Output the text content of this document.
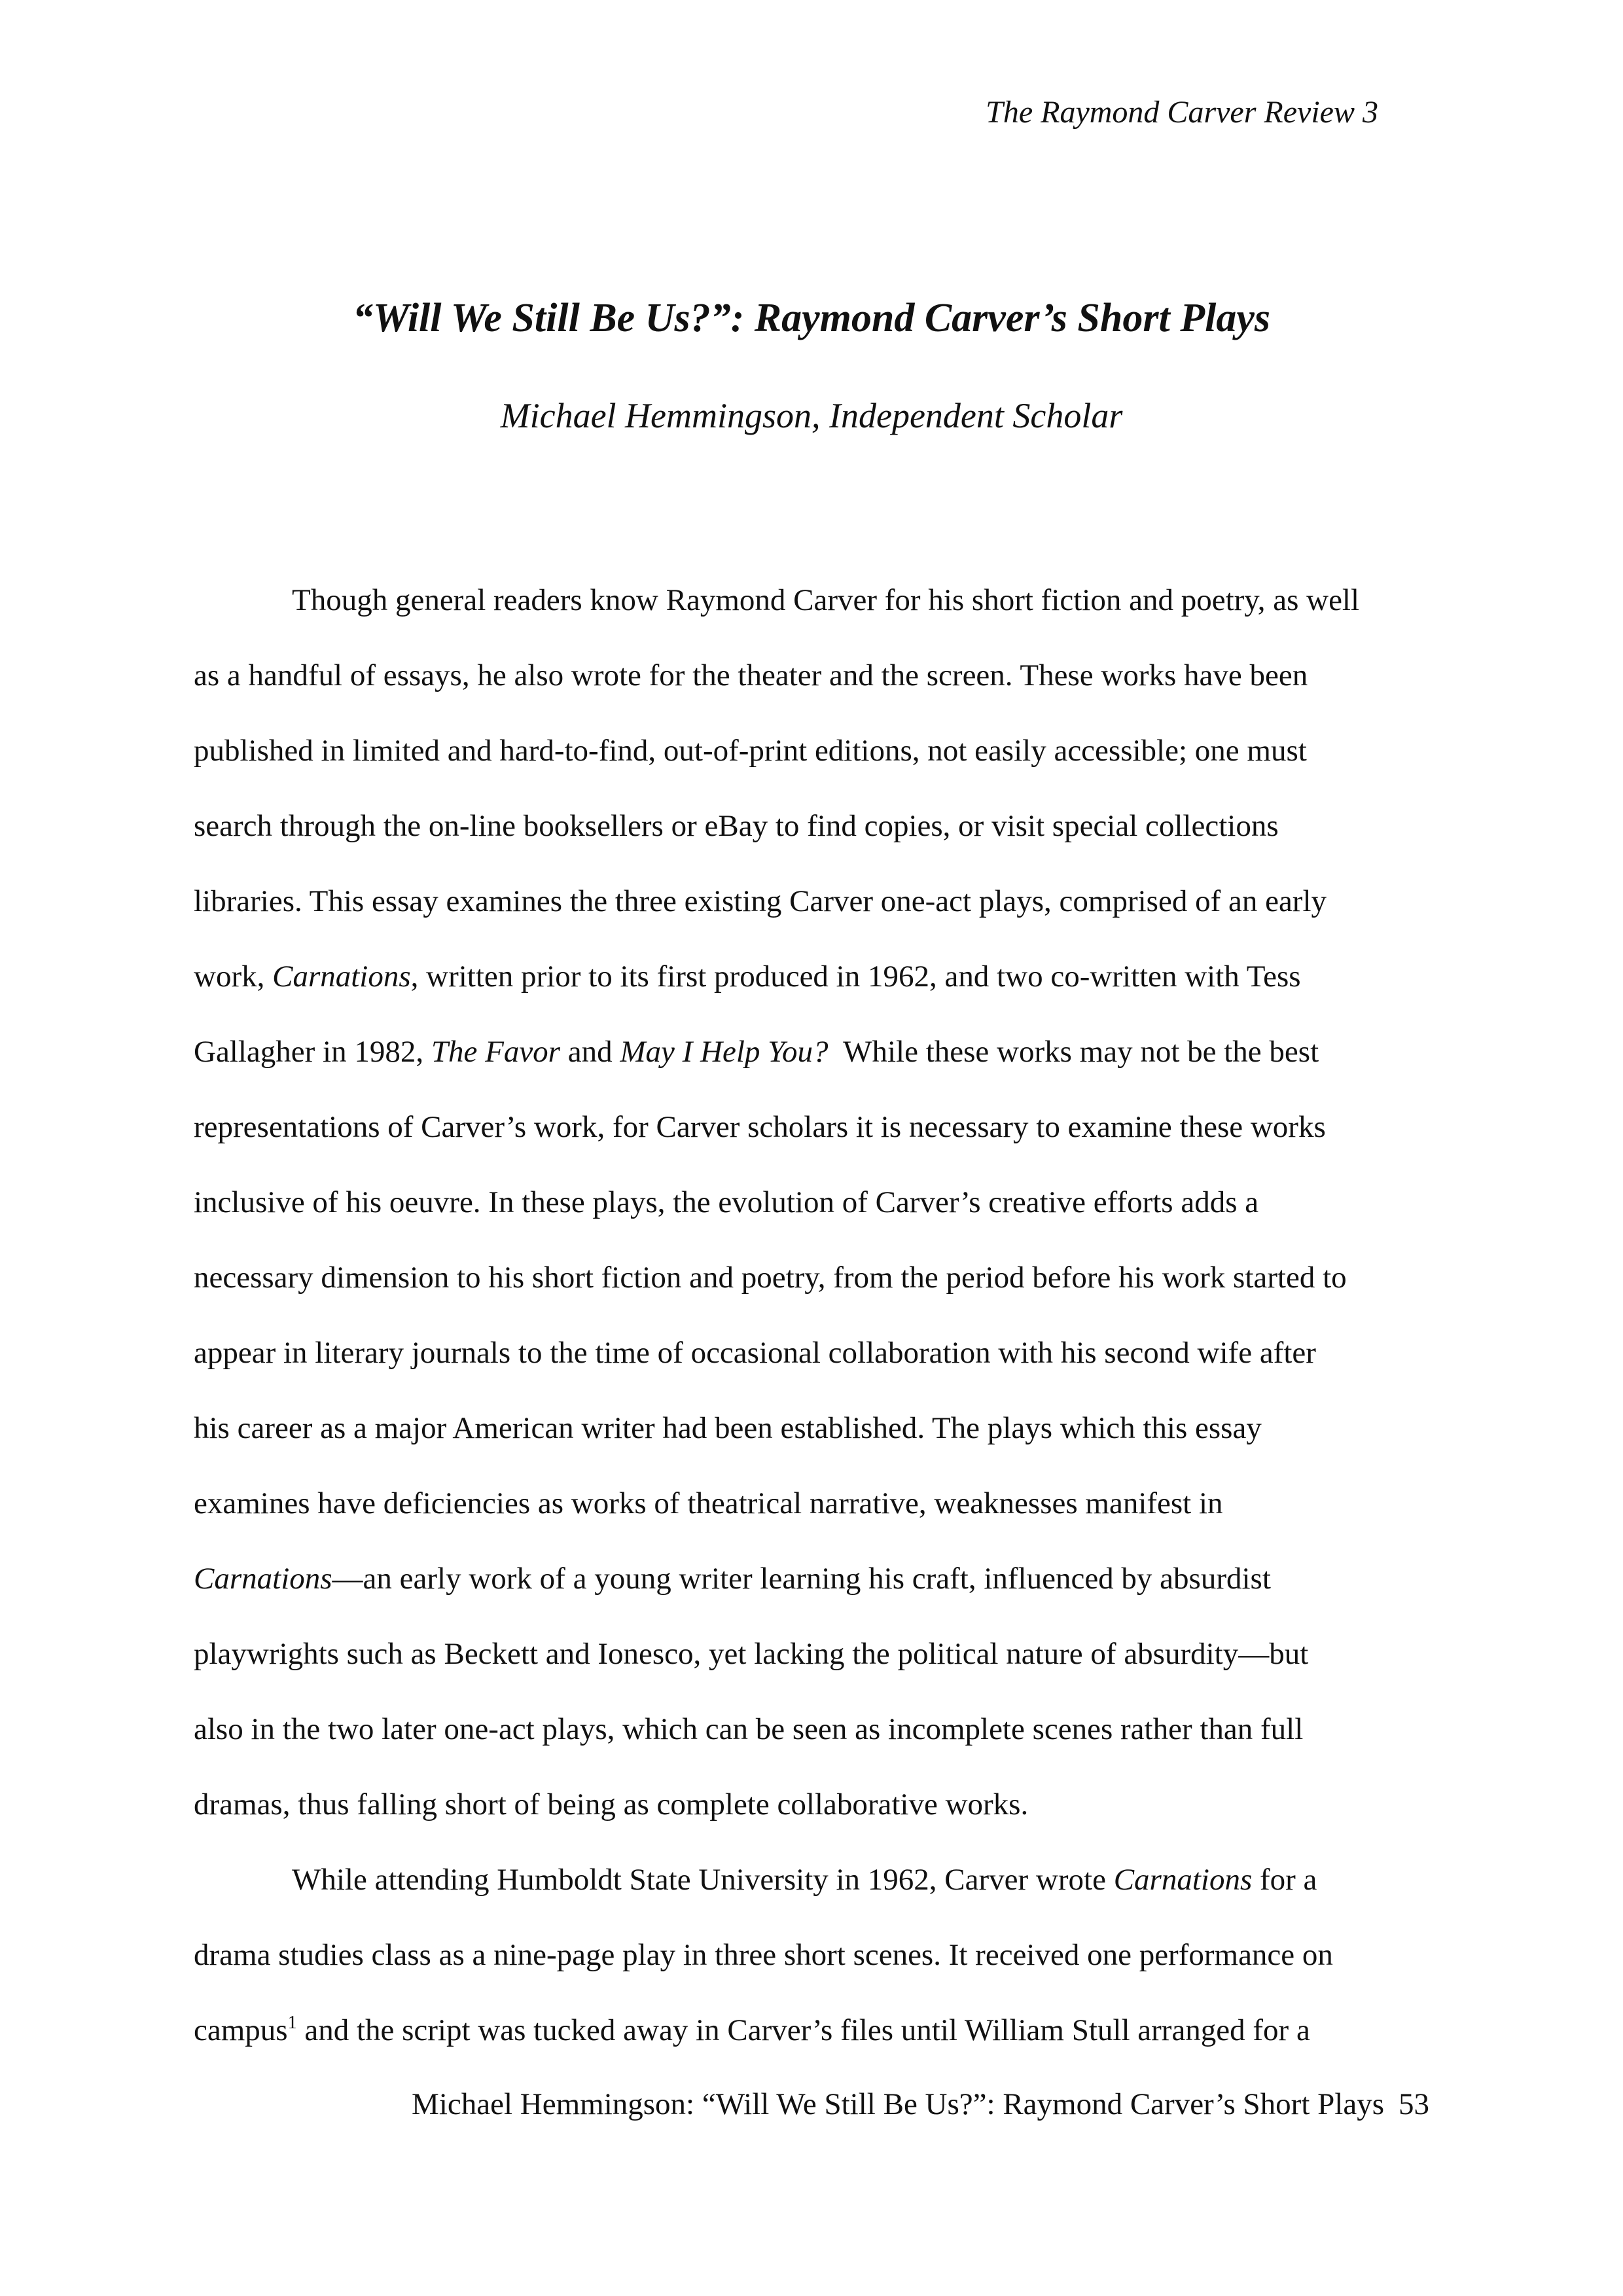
The Raymond Carver Review 3
“Will We Still Be Us?”: Raymond Carver’s Short Plays
Michael Hemmingson, Independent Scholar

Though general readers know Raymond Carver for his short fiction and poetry, as well
as a handful of essays, he also wrote for the theater and the screen. These works have been
published in limited and hard-to-find, out-of-print editions, not easily accessible; one must
search through the on-line booksellers or eBay to find copies, or visit special collections
libraries. This essay examines the three existing Carver one-act plays, comprised of an early
work, Carnations, written prior to its first produced in 1962, and two co-written with Tess
Gallagher in 1982, The Favor and May I Help You?  While these works may not be the best
representations of Carver’s work, for Carver scholars it is necessary to examine these works
inclusive of his oeuvre. In these plays, the evolution of Carver’s creative efforts adds a
necessary dimension to his short fiction and poetry, from the period before his work started to
appear in literary journals to the time of occasional collaboration with his second wife after
his career as a major American writer had been established. The plays which this essay
examines have deficiencies as works of theatrical narrative, weaknesses manifest in
Carnations—an early work of a young writer learning his craft, influenced by absurdist
playwrights such as Beckett and Ionesco, yet lacking the political nature of absurdity—but
also in the two later one-act plays, which can be seen as incomplete scenes rather than full
dramas, thus falling short of being as complete collaborative works.

While attending Humboldt State University in 1962, Carver wrote Carnations for a
drama studies class as a nine-page play in three short scenes. It received one performance on
campus$^1$ and the script was tucked away in Carver’s files until William Stull arranged for a

Michael Hemmingson: “Will We Still Be Us?”: Raymond Carver’s Short Plays 53
